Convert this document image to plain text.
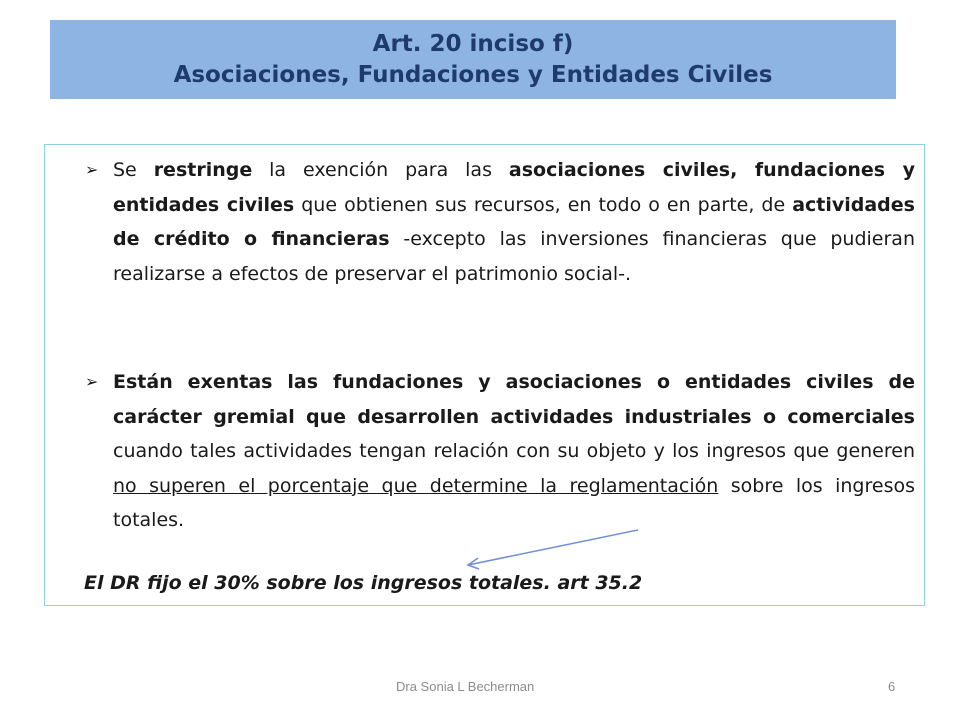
Art. 20 inciso f)
Asociaciones, Fundaciones y Entidades Civiles
➢ Se restringe la exención para las asociaciones civiles, fundaciones y entidades civiles que obtienen sus recursos, en todo o en parte, de actividades de crédito o financieras -excepto las inversiones financieras que pudieran realizarse a efectos de preservar el patrimonio social-.
➢ Están exentas las fundaciones y asociaciones o entidades civiles de carácter gremial que desarrollen actividades industriales o comerciales cuando tales actividades tengan relación con su objeto y los ingresos que generen no superen el porcentaje que determine la reglamentación sobre los ingresos totales.
El DR fijo el 30% sobre los ingresos totales. art 35.2
Dra Sonia L Becherman	6
